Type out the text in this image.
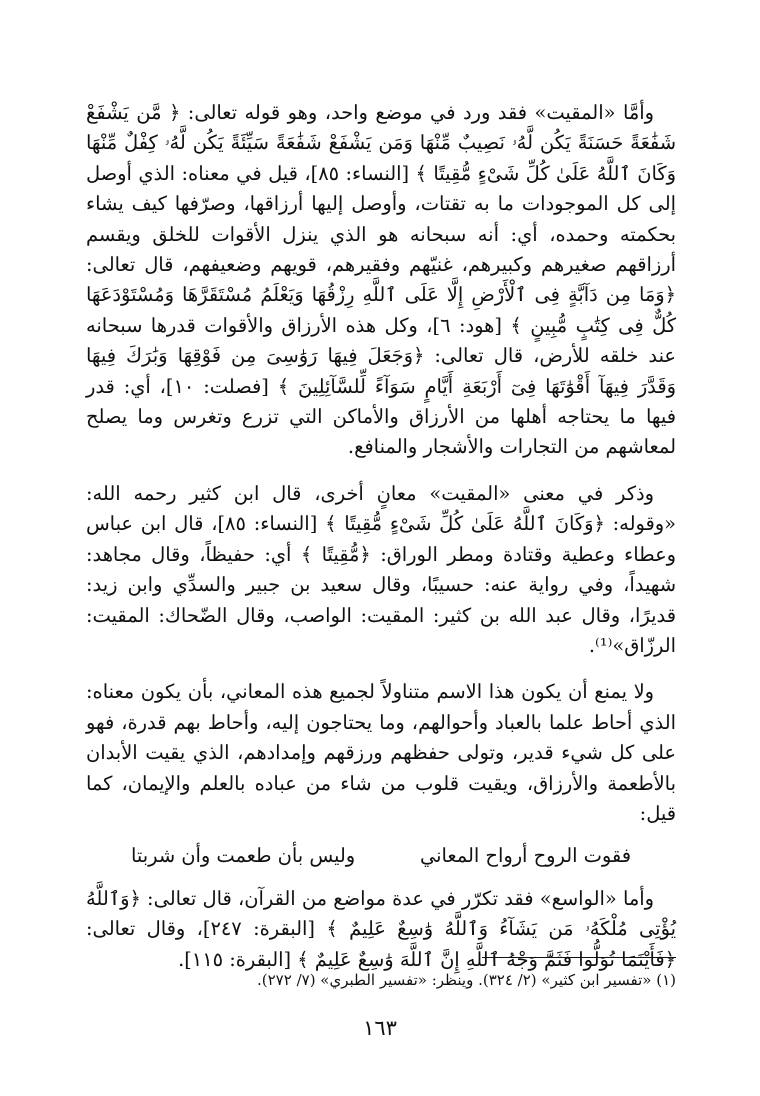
وأمَّا «المقيت» فقد ورد في موضع واحد، وهو قوله تعالى: ﴿ مَّن يَشْفَعْ شَفَٰعَةً حَسَنَةً يَكُن لَّهُۥ نَصِيبٌ مِّنْهَا وَمَن يَشْفَعْ شَفَٰعَةً سَيِّئَةً يَكُن لَّهُۥ كِفْلٌ مِّنْهَا وَكَانَ ٱللَّهُ عَلَىٰ كُلِّ شَىْءٍ مُّقِيتًا ﴾ [النساء: ٨٥]، قيل في معناه: الذي أوصل إلى كل الموجودات ما به تقتات، وأوصل إليها أرزاقها، وصرّفها كيف يشاء بحكمته وحمده، أي: أنه سبحانه هو الذي ينزل الأقوات للخلق ويقسم أرزاقهم صغيرهم وكبيرهم، غنيّهم وفقيرهم، قويهم وضعيفهم، قال تعالى: ﴿وَمَا مِن دَآبَّةٍ فِى ٱلْأَرْضِ إِلَّا عَلَى ٱللَّهِ رِزْقُهَا وَيَعْلَمُ مُسْتَقَرَّهَا وَمُسْتَوْدَعَهَا كُلٌّ فِى كِتَٰبٍ مُّبِينٍ ﴾ [هود: ٦]، وكل هذه الأرزاق والأقوات قدرها سبحانه عند خلقه للأرض، قال تعالى: ﴿وَجَعَلَ فِيهَا رَوَٰسِىَ مِن فَوْقِهَا وَبَٰرَكَ فِيهَا وَقَدَّرَ فِيهَآ أَقْوَٰتَهَا فِىٓ أَرْبَعَةِ أَيَّامٍ سَوَآءً لِّلسَّآئِلِينَ ﴾ [فصلت: ١٠]، أي: قدر فيها ما يحتاجه أهلها من الأرزاق والأماكن التي تزرع وتغرس وما يصلح لمعاشهم من التجارات والأشجار والمنافع.

وذكر في معنى «المقيت» معانٍ أخرى، قال ابن كثير رحمه الله: «وقوله: ﴿وَكَانَ ٱللَّهُ عَلَىٰ كُلِّ شَىْءٍ مُّقِيتًا ﴾ [النساء: ٨٥]، قال ابن عباس وعطاء وعطية وقتادة ومطر الوراق: ﴿مُّقِيتًا ﴾ أي: حفيظاً، وقال مجاهد: شهيداً، وفي رواية عنه: حسيبًا، وقال سعيد بن جبير والسدِّي وابن زيد: قديرًا، وقال عبد الله بن كثير: المقيت: الواصب، وقال الضّحاك: المقيت: الرزّاق»⁽¹⁾.

ولا يمنع أن يكون هذا الاسم متناولاً لجميع هذه المعاني، بأن يكون معناه: الذي أحاط علما بالعباد وأحوالهم، وما يحتاجون إليه، وأحاط بهم قدرة، فهو على كل شيء قدير، وتولى حفظهم ورزقهم وإمدادهم، الذي يقيت الأبدان بالأطعمة والأرزاق، ويقيت قلوب من شاء من عباده بالعلم والإيمان، كما قيل:

فقوت الروح أرواح المعاني
وليس بأن طعمت وأن شربتا

وأما «الواسع» فقد تكرّر في عدة مواضع من القرآن، قال تعالى: ﴿وَٱللَّهُ يُؤْتِى مُلْكَهُۥ مَن يَشَآءُ وَٱللَّهُ وَٰسِعٌ عَلِيمٌ ﴾ [البقرة: ٢٤٧]، وقال تعالى: ﴿فَأَيْنَمَا تُوَلُّوا فَثَمَّ وَجْهُ ٱللَّهِ إِنَّ ٱللَّهَ وَٰسِعٌ عَلِيمٌ ﴾ [البقرة: ١١٥].

(١) «تفسير ابن كثير» (٢/ ٣٢٤). وينظر: «تفسير الطبري» (٧/ ٢٧٢).
١٦٣
